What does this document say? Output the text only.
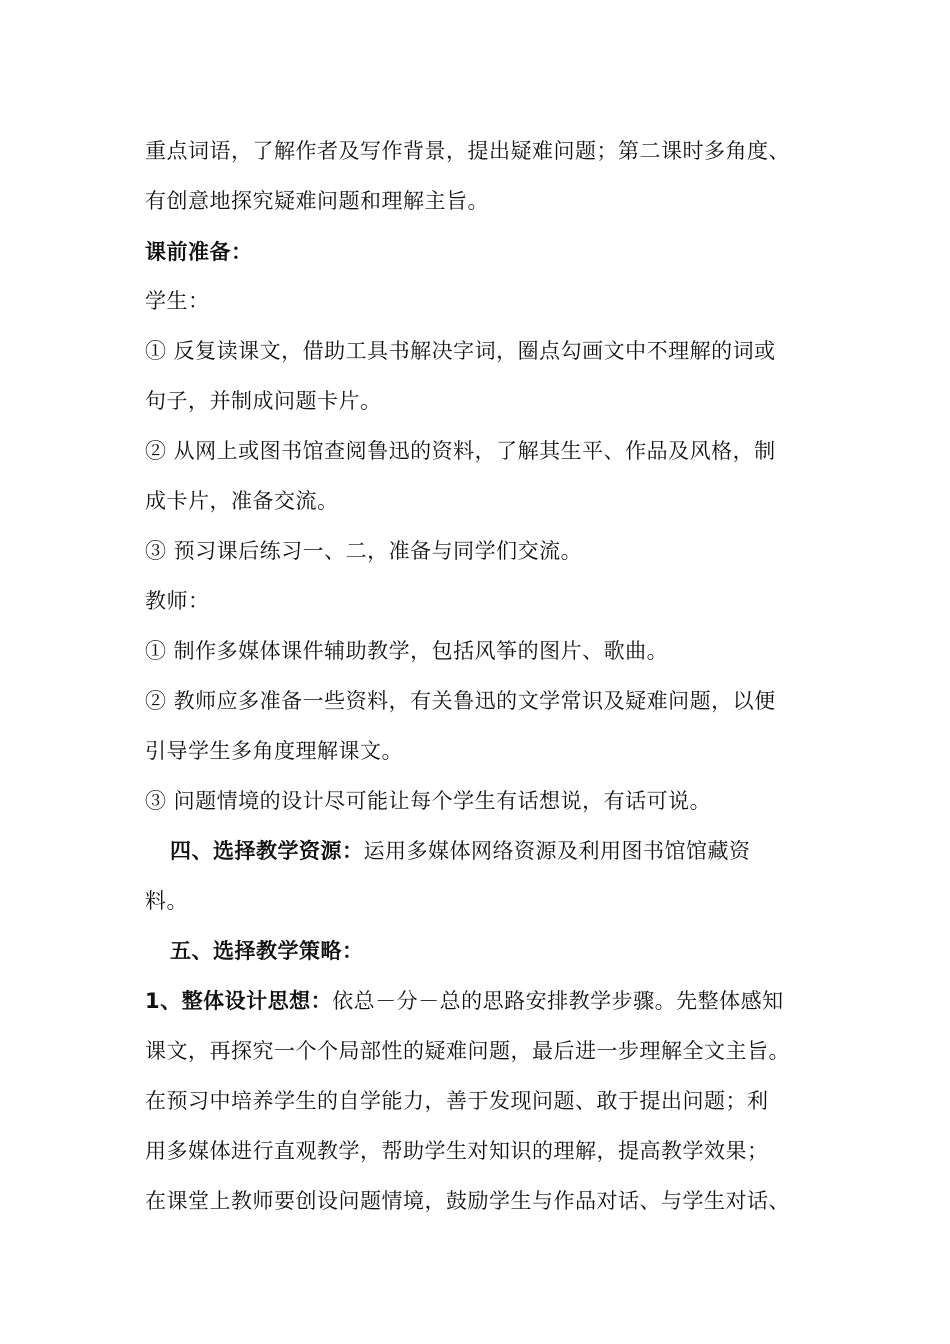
重点词语，了解作者及写作背景，提出疑难问题；第二课时多角度、
有创意地探究疑难问题和理解主旨。
课前准备：
学生：
① 反复读课文，借助工具书解决字词，圈点勾画文中不理解的词或
句子，并制成问题卡片。
② 从网上或图书馆查阅鲁迅的资料，了解其生平、作品及风格，制
成卡片，准备交流。
③ 预习课后练习一、二，准备与同学们交流。
教师：
① 制作多媒体课件辅助教学，包括风筝的图片、歌曲。
② 教师应多准备一些资料，有关鲁迅的文学常识及疑难问题，以便
引导学生多角度理解课文。
③ 问题情境的设计尽可能让每个学生有话想说，有话可说。
四、选择教学资源：运用多媒体网络资源及利用图书馆馆藏资
料。
五、选择教学策略：
1、整体设计思想：依总－分－总的思路安排教学步骤。先整体感知
课文，再探究一个个局部性的疑难问题，最后进一步理解全文主旨。
在预习中培养学生的自学能力，善于发现问题、敢于提出问题；利
用多媒体进行直观教学，帮助学生对知识的理解，提高教学效果；
在课堂上教师要创设问题情境，鼓励学生与作品对话、与学生对话、
